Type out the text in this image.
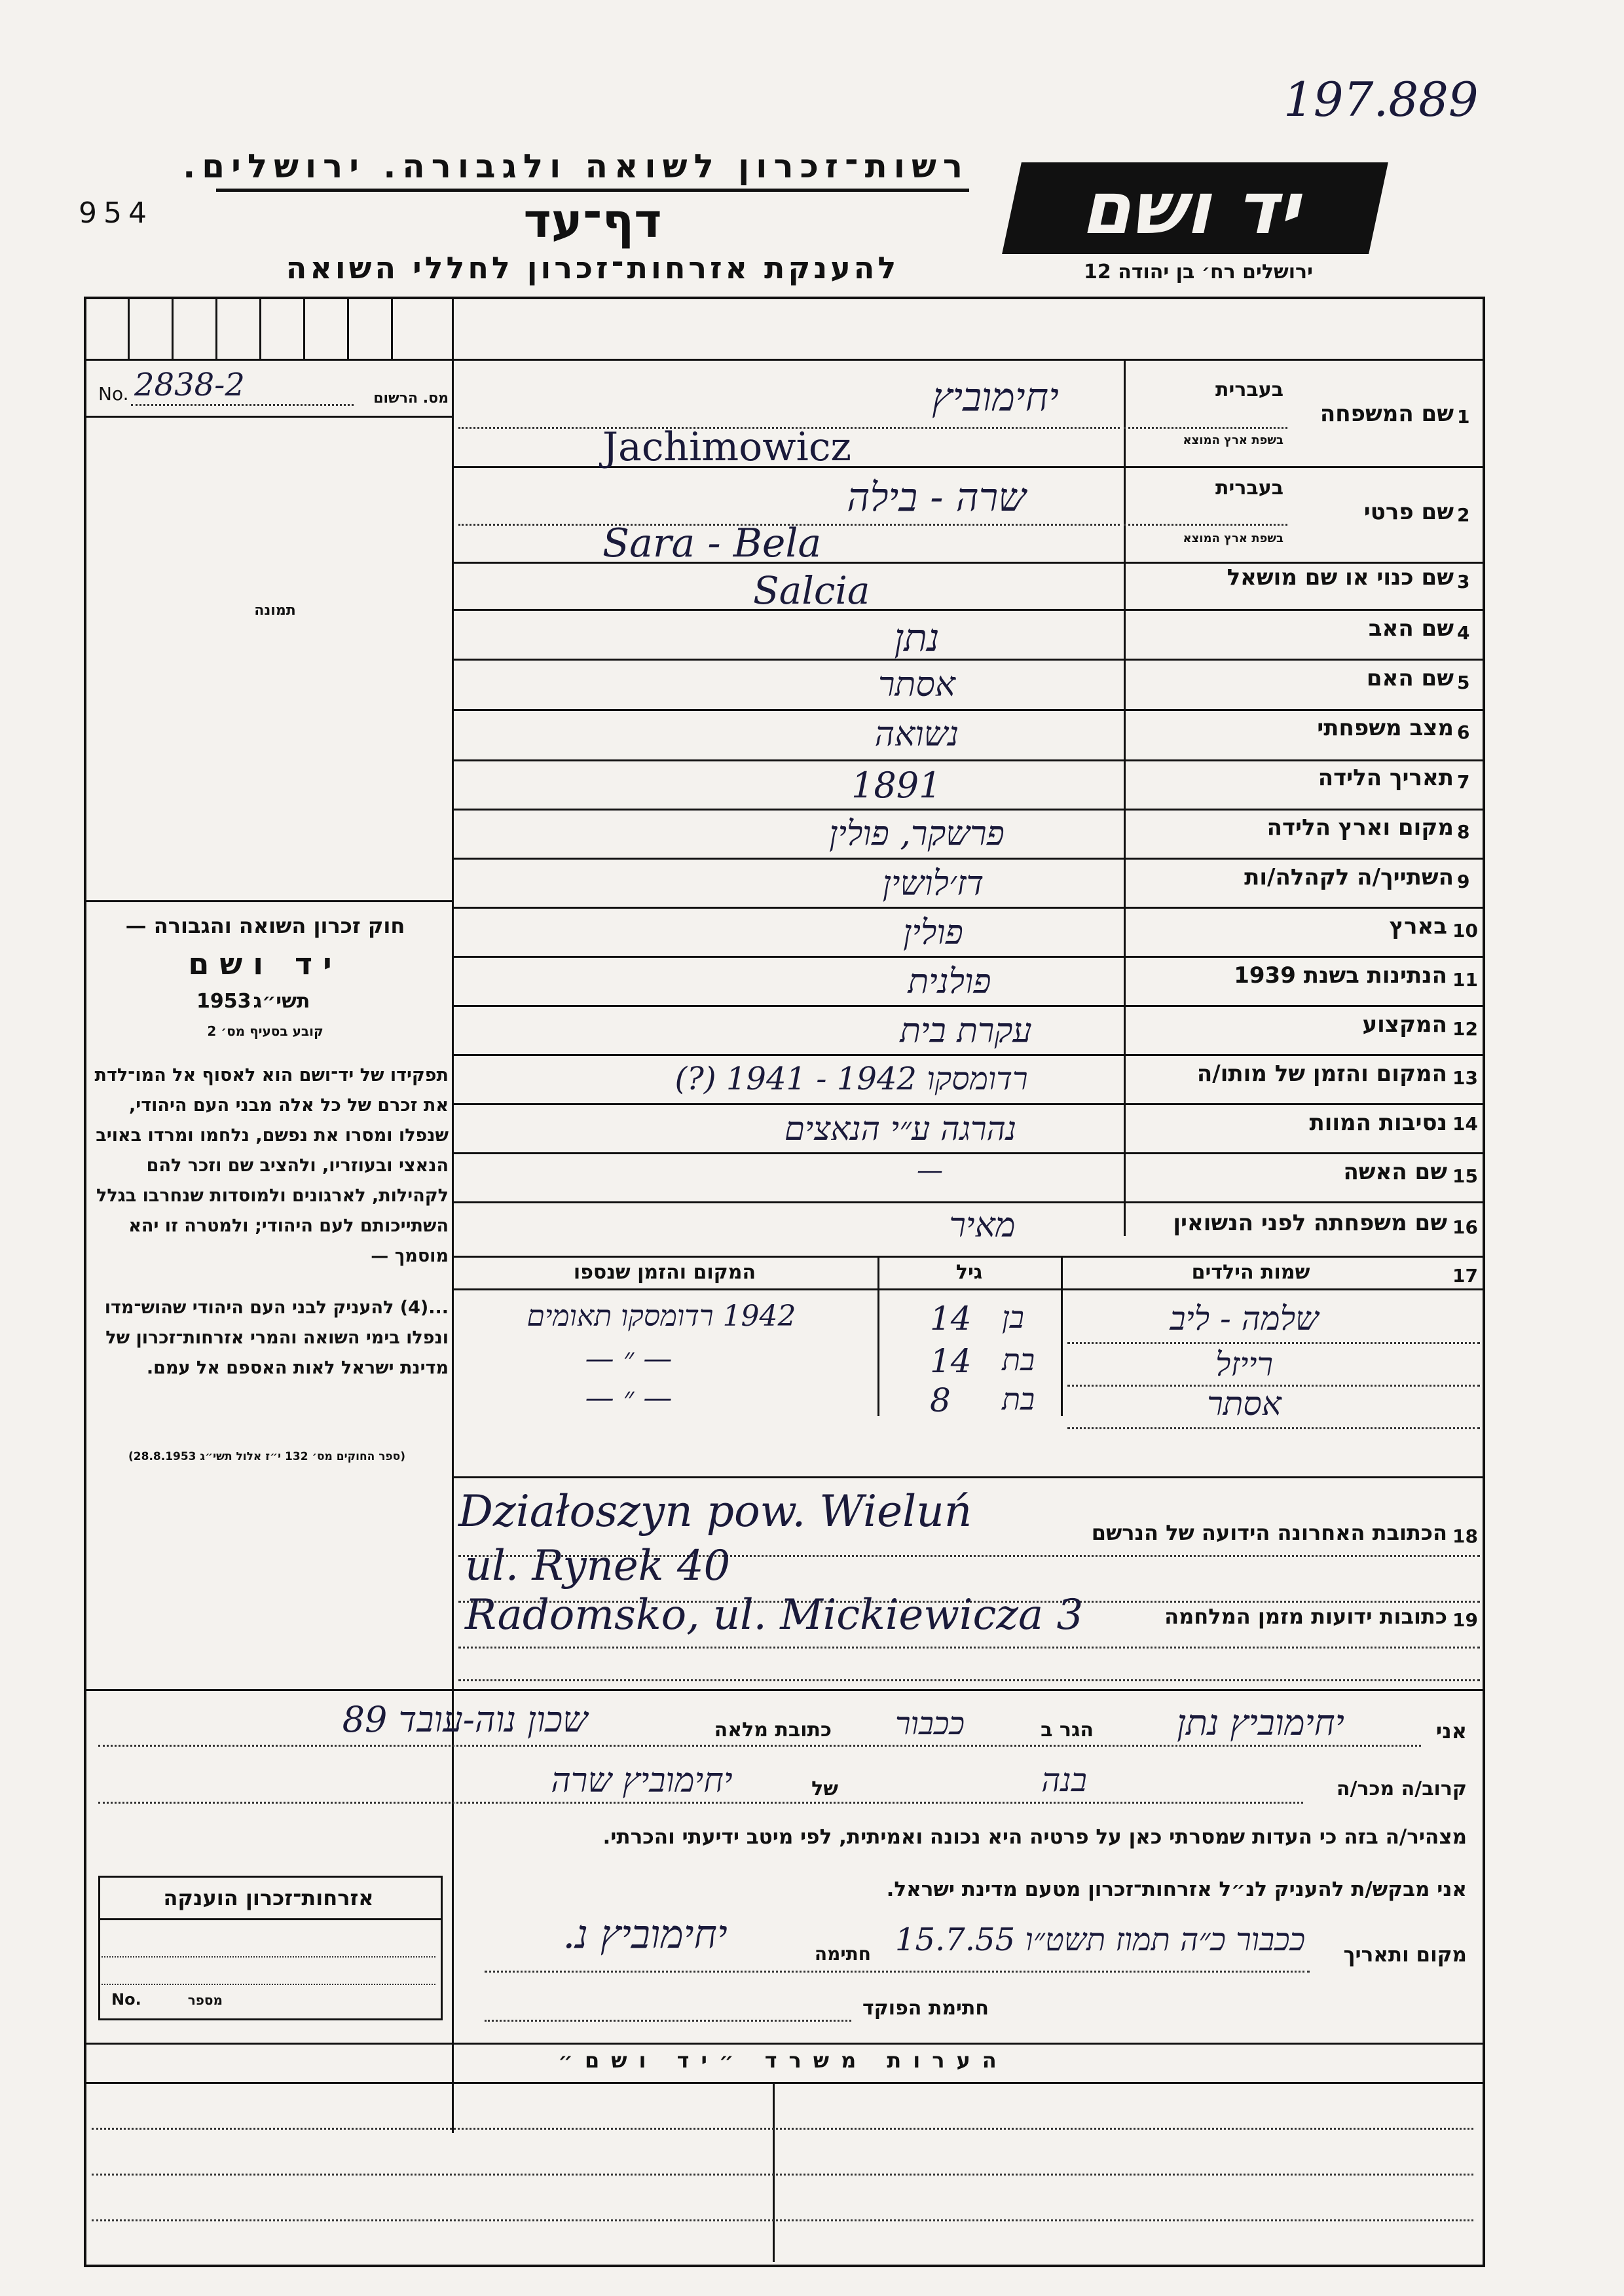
197.889
954
רשות־זכרון לשואה ולגבורה. ירושלים.
דף־עד
להענקת אזרחות־זכרון לחללי השואה
יד ושם
ירושלים רח׳ בן יהודה 12
No. 2838-2	מס. הרשום
תמונה
חוק זכרון השואה והגבורה —
יד ושם
תשי״ג
1953
קובע בסעיף מס׳ 2
תפקידו של יד־ושם הוא לאסוף אל המו־לדת את זכרם של כל אלה מבני העם היהודי, שנפלו ומסרו את נפשם, נלחמו ומרדו באויב הנאצי ובעוזריו, ולהציב שם וזכר להם לקהילות, לארגונים ולמוסדות שנחרבו בגלל השתייכותם לעם היהודי; ולמטרה זו יהא מוסמך —
...(4) להעניק לבני העם היהודי שהוש־מדו ונפלו בימי השואה והמרי אזרחות־זכרון של מדינת ישראל לאות האספם אל עמם.
(ספר החוקים מס׳ 132 י״ז אלול תשי״ג 28.8.1953)
בעברית
בשפת ארץ המוצא
בעברית
בשפת ארץ המוצא
1
שם המשפחה
יחימוביץ
Jachimowicz
2
שם פרטי
שרה - בילה
Sara - Bela
3
שם כנוי או שם מושאל
Salcia
4
שם האב
נתן
5
שם האם
אסתר
6
מצב משפחתי
נשואה
7
תאריך הלידה
1891
8
מקום וארץ הלידה
פרשקר, פולין
9
השתייך/ה לקהלה/ות
דז׳לושין
10
בארץ
פולין
11
הנתינות בשנת 1939
פולנית
12
המקצוע
עקרת בית
13
המקום והזמן של מותו/ה
רדומסקו 1942 - 1941 (?)
14
נסיבות המוות
נהרגה ע״י הנאצים
15
שם האשה
—
16
שם משפחתה לפני הנשואין
מאיר
17
שמות הילדים
גיל
המקום והזמן שנספו
שלמה - ליב
בן
14
1942 רדומסקו תאומים
רייזל
בת
14
— ״ —
אסתר
בת
8
— ״ —
18
הכתובת האחרונה הידועה של הנרשם
Działoszyn pow. Wieluń
ul. Rynek 40
19
כתובות ידועות מזמן המלחמה
Radomsko, ul. Mickiewicza 3
אני
יחימוביץ נתן
הגר ב
ככבור
כתובת מלאה
שכון נוה-עובד 89
קרוב/ה מכר/ה
בנה
של
יחימוביץ שרה
מצהיר/ה בזה כי העדות שמסרתי כאן על פרטיה היא נכונה ואמיתית, לפי מיטב ידיעתי והכרתי.
אני מבקש/ת להעניק לנ״ל אזרחות־זכרון מטעם מדינת ישראל.
אזרחות־זכרון הוענקה
No.	מספר
מקום ותאריך
ככבור כ״ה תמוז תשט״ו 15.7.55
חתימה
יחימוביץ נ.
חתימת הפוקד
הערות משרד ״יד ושם״
